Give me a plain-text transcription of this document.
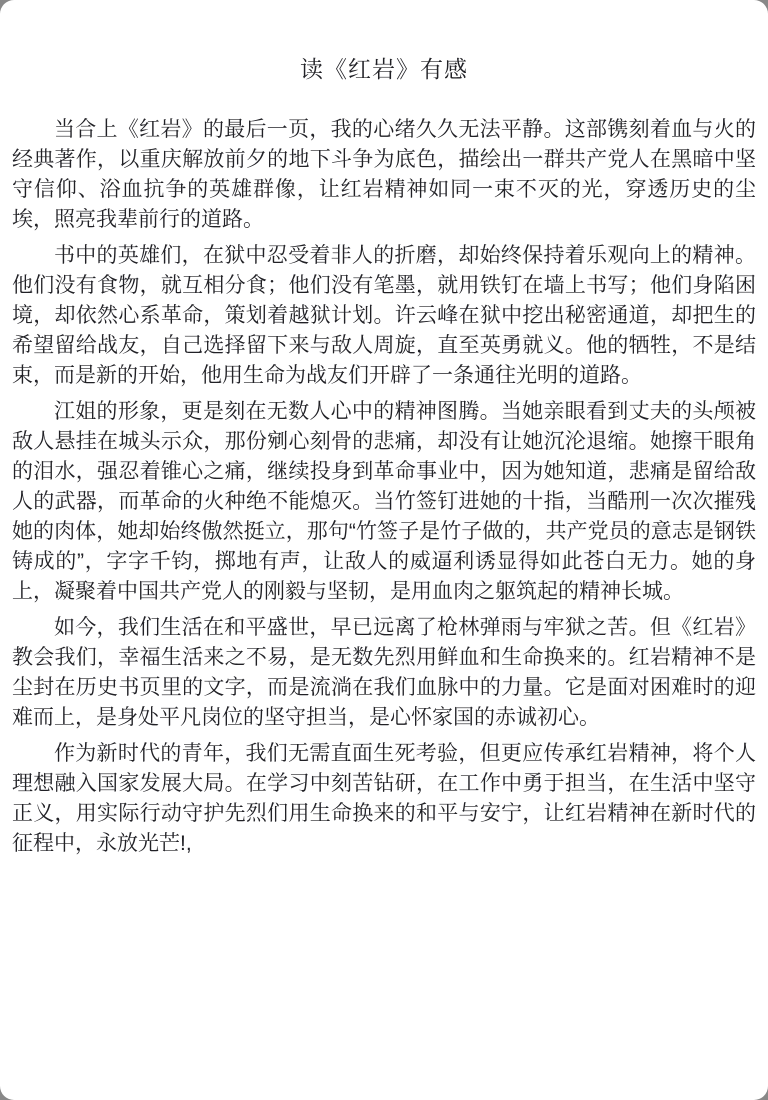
读《红岩》有感

当合上《红岩》的最后一页，我的心绪久久无法平静。这部镌刻着血与火的经典著作，以重庆解放前夕的地下斗争为底色，描绘出一群共产党人在黑暗中坚守信仰、浴血抗争的英雄群像，让红岩精神如同一束不灭的光，穿透历史的尘埃，照亮我辈前行的道路。

书中的英雄们，在狱中忍受着非人的折磨，却始终保持着乐观向上的精神。他们没有食物，就互相分食；他们没有笔墨，就用铁钉在墙上书写；他们身陷困境，却依然心系革命，策划着越狱计划。许云峰在狱中挖出秘密通道，却把生的希望留给战友，自己选择留下来与敌人周旋，直至英勇就义。他的牺牲，不是结束，而是新的开始，他用生命为战友们开辟了一条通往光明的道路。

江姐的形象，更是刻在无数人心中的精神图腾。当她亲眼看到丈夫的头颅被敌人悬挂在城头示众，那份剜心刻骨的悲痛，却没有让她沉沦退缩。她擦干眼角的泪水，强忍着锥心之痛，继续投身到革命事业中，因为她知道，悲痛是留给敌人的武器，而革命的火种绝不能熄灭。当竹签钉进她的十指，当酷刑一次次摧残她的肉体，她却始终傲然挺立，那句“竹签子是竹子做的，共产党员的意志是钢铁铸成的”，字字千钧，掷地有声，让敌人的威逼利诱显得如此苍白无力。她的身上，凝聚着中国共产党人的刚毅与坚韧，是用血肉之躯筑起的精神长城。

如今，我们生活在和平盛世，早已远离了枪林弹雨与牢狱之苦。但《红岩》教会我们，幸福生活来之不易，是无数先烈用鲜血和生命换来的。红岩精神不是尘封在历史书页里的文字，而是流淌在我们血脉中的力量。它是面对困难时的迎难而上，是身处平凡岗位的坚守担当，是心怀家国的赤诚初心。

作为新时代的青年，我们无需直面生死考验，但更应传承红岩精神，将个人理想融入国家发展大局。在学习中刻苦钻研，在工作中勇于担当，在生活中坚守正义，用实际行动守护先烈们用生命换来的和平与安宁，让红岩精神在新时代的征程中，永放光芒!,
